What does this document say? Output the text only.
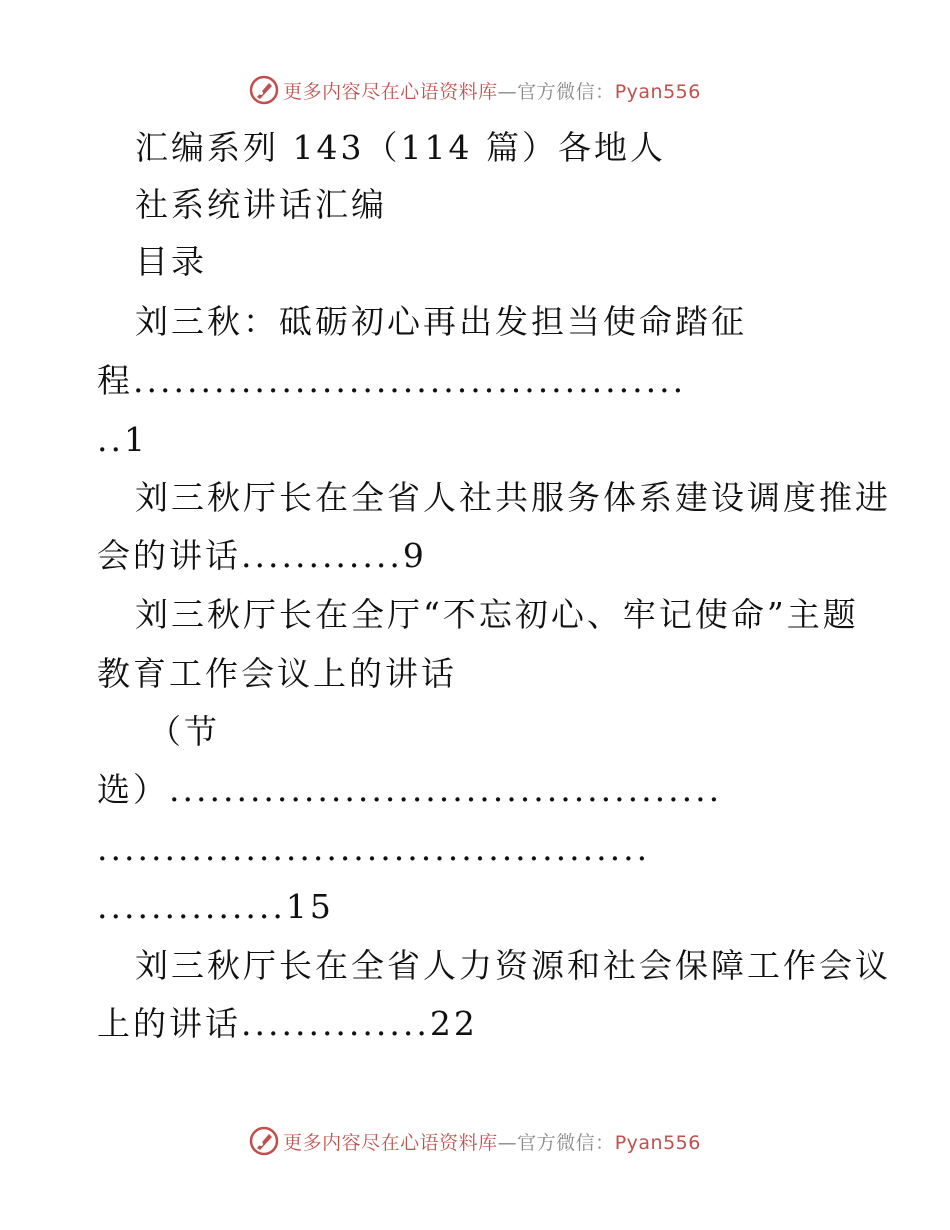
更多内容尽在心语资料库—官方微信：Pyan556
汇编系列 143（114 篇）各地人
社系统讲话汇编
目录
刘三秋：砥砺初心再出发担当使命踏征
程.........................................
..1
刘三秋厅长在全省人社共服务体系建设调度推进
会的讲话............9
刘三秋厅长在全厅“不忘初心、牢记使命”主题
教育工作会议上的讲话
（节
选）.........................................
.........................................
..............15
刘三秋厅长在全省人力资源和社会保障工作会议
上的讲话..............22
更多内容尽在心语资料库—官方微信：Pyan556
